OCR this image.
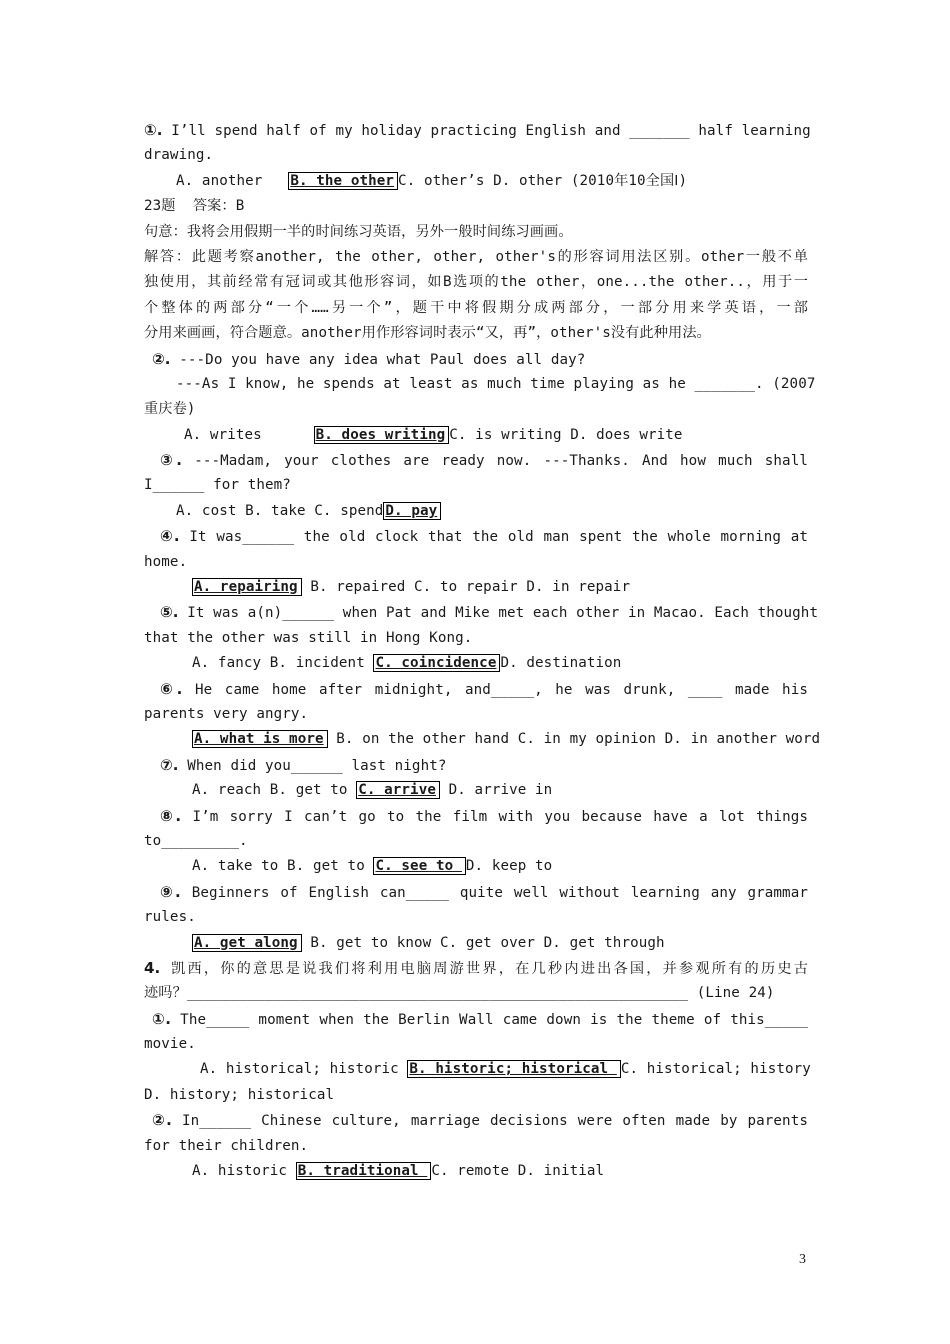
①. I’ll spend half of my holiday practicing English and _______ half learning
drawing.
A. another   B. the other C. other’s D. other (2010年10全国Ⅰ)
23题  答案：B
句意：我将会用假期一半的时间练习英语，另外一般时间练习画画。
解答：此题考察another, the other, other, other's的形容词用法区别。other一般不单
独使用，其前经常有冠词或其他形容词，如B选项的the other，one...the other..，用于一
个整体的两部分“一个……另一个”，题干中将假期分成两部分，一部分用来学英语，一部
分用来画画，符合题意。another用作形容词时表示“又，再”，other's没有此种用法。
②. ---Do you have any idea what Paul does all day?
---As I know, he spends at least as much time playing as he _______. (2007
重庆卷)
A. writes      B. does writing C. is writing D. does write
③. ---Madam, your clothes are ready now. ---Thanks. And how much shall
I______ for them?
A. cost B. take C. spend D. pay
④. It was______ the old clock that the old man spent the whole morning at
home.
A. repairing B. repaired C. to repair D. in repair
⑤. It was a(n)______ when Pat and Mike met each other in Macao. Each thought
that the other was still in Hong Kong.
A. fancy B. incident C. coincidence D. destination
⑥. He came home after midnight, and_____, he was drunk, ____ made his
parents very angry.
A. what is more B. on the other hand C. in my opinion D. in another word
⑦. When did you______ last night?
A. reach B. get to C. arrive D. arrive in
⑧. I’m sorry I can’t go to the film with you because have a lot things
to_________.
A. take to B. get to C. see to D. keep to
⑨. Beginners of English can_____ quite well without learning any grammar
rules.
A. get along B. get to know C. get over D. get through
4. 凯西，你的意思是说我们将利用电脑周游世界，在几秒内进出各国，并参观所有的历史古
迹吗？__________________________________________________________ (Line 24)
①. The_____ moment when the Berlin Wall came down is the theme of this_____
movie.
A. historical; historic B. historic; historical C. historical; history
D. history; historical
②. In______ Chinese culture, marriage decisions were often made by parents
for their children.
A. historic B. traditional C. remote D. initial
3
